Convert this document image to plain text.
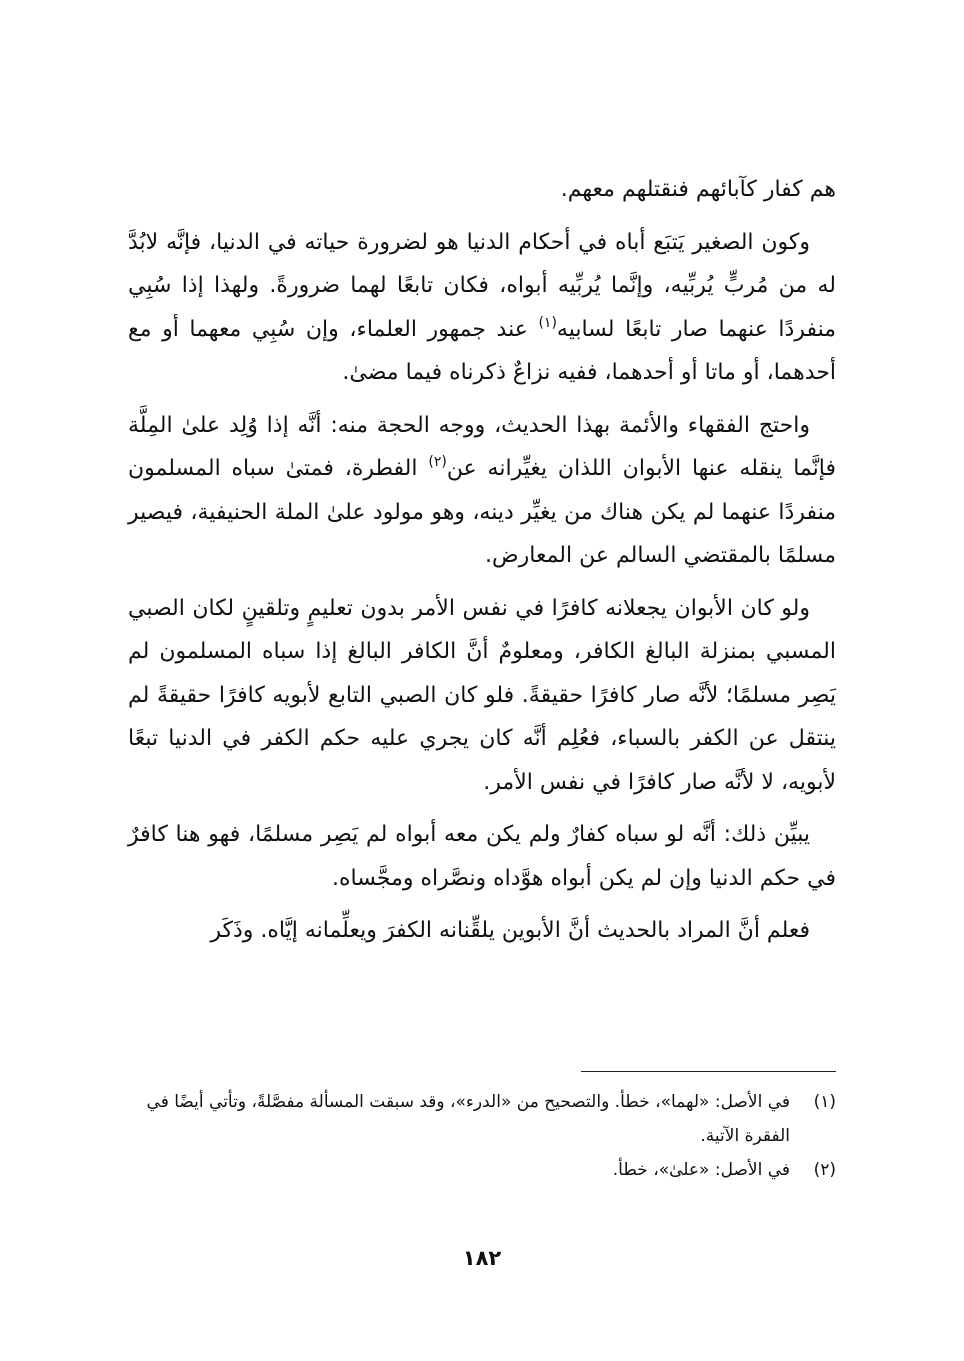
هم كفار كآبائهم فنقتلهم معهم.

وكون الصغير يَتبَع أباه في أحكام الدنيا هو لضرورة حياته في الدنيا، فإنَّه لابُدَّ له من مُربٍّ يُربِّيه، وإنَّما يُربِّيه أبواه، فكان تابعًا لهما ضرورةً. ولهذا إذا سُبِي منفردًا عنهما صار تابعًا لسابيه$^{(١)}$ عند جمهور العلماء، وإن سُبِي معهما أو مع أحدهما، أو ماتا أو أحدهما، ففيه نزاعٌ ذكرناه فيما مضىٰ.

واحتج الفقهاء والأئمة بهذا الحديث، ووجه الحجة منه: أنَّه إذا وُلِد علىٰ المِلَّة فإنَّما ينقله عنها الأبوان اللذان يغيِّرانه عن$^{(٢)}$ الفطرة، فمتىٰ سباه المسلمون منفردًا عنهما لم يكن هناك من يغيِّر دينه، وهو مولود علىٰ الملة الحنيفية، فيصير مسلمًا بالمقتضي السالم عن المعارض.

ولو كان الأبوان يجعلانه كافرًا في نفس الأمر بدون تعليمٍ وتلقينٍ لكان الصبي المسبي بمنزلة البالغ الكافر، ومعلومٌ أنَّ الكافر البالغ إذا سباه المسلمون لم يَصِر مسلمًا؛ لأنَّه صار كافرًا حقيقةً. فلو كان الصبي التابع لأبويه كافرًا حقيقةً لم ينتقل عن الكفر بالسباء، فعُلِم أنَّه كان يجري عليه حكم الكفر في الدنيا تبعًا لأبويه، لا لأنَّه صار كافرًا في نفس الأمر.

يبيِّن ذلك: أنَّه لو سباه كفارٌ ولم يكن معه أبواه لم يَصِر مسلمًا، فهو هنا كافرٌ في حكم الدنيا وإن لم يكن أبواه هوَّداه ونصَّراه ومجَّساه.

فعلم أنَّ المراد بالحديث أنَّ الأبوين يلقِّنانه الكفرَ ويعلِّمانه إيَّاه. وذَكَر

(١)
في الأصل: «لهما»، خطأ. والتصحيح من «الدرء»، وقد سبقت المسألة مفصَّلةً، وتأتي أيضًا في الفقرة الآتية.

(٢)
في الأصل: «علىٰ»، خطأ.

١٨٢
